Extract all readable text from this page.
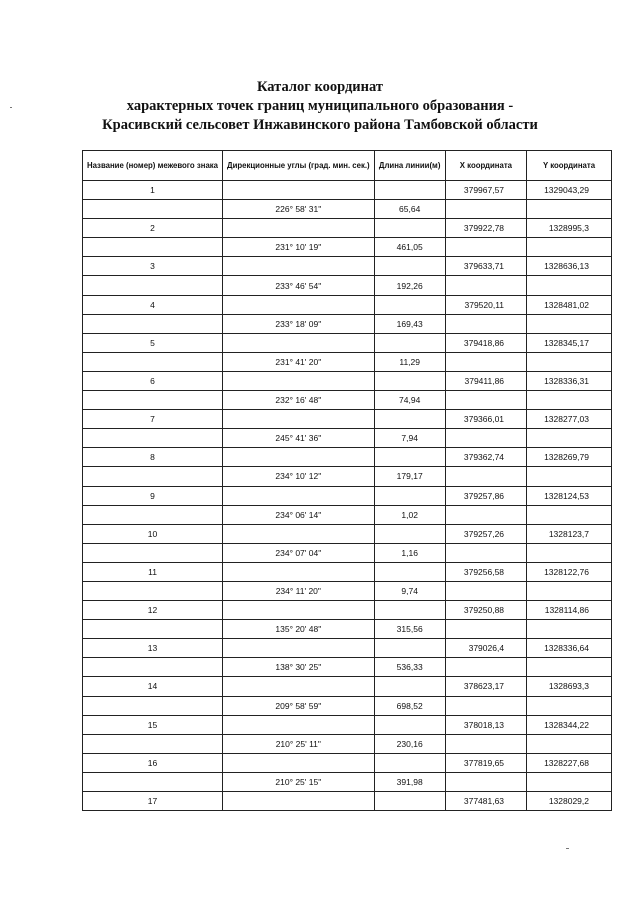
Каталог координат
характерных точек границ муниципального образования -
Красивский сельсовет Инжавинского района Тамбовской области
Название (номер) межевого знака	Дирекционные углы (град. мин. сек.)	Длина линии(м)	X координата	Y координата
1			379967,57	1329043,29
	226° 58' 31"	65,64		
2			379922,78	1328995,3
	231° 10' 19"	461,05		
3			379633,71	1328636,13
	233° 46' 54"	192,26		
4			379520,11	1328481,02
	233° 18' 09"	169,43		
5			379418,86	1328345,17
	231° 41' 20"	11,29		
6			379411,86	1328336,31
	232° 16' 48"	74,94		
7			379366,01	1328277,03
	245° 41' 36"	7,94		
8			379362,74	1328269,79
	234° 10' 12"	179,17		
9			379257,86	1328124,53
	234° 06' 14"	1,02		
10			379257,26	1328123,7
	234° 07' 04"	1,16		
11			379256,58	1328122,76
	234° 11' 20"	9,74		
12			379250,88	1328114,86
	135° 20' 48"	315,56		
13			379026,4	1328336,64
	138° 30' 25"	536,33		
14			378623,17	1328693,3
	209° 58' 59"	698,52		
15			378018,13	1328344,22
	210° 25' 11"	230,16		
16			377819,65	1328227,68
	210° 25' 15"	391,98		
17			377481,63	1328029,2
